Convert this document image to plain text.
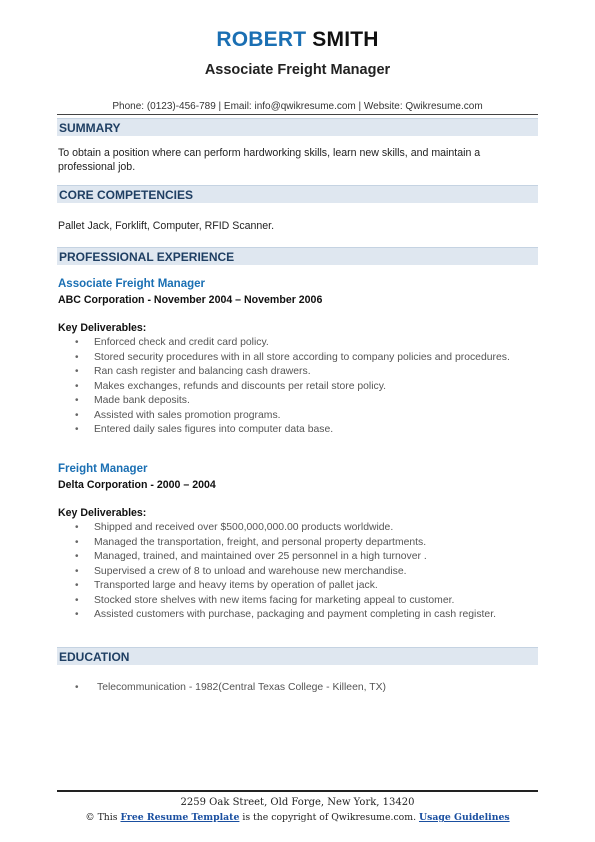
ROBERT SMITH
Associate Freight Manager
Phone: (0123)-456-789 | Email: info@qwikresume.com | Website: Qwikresume.com
SUMMARY
To obtain a position where can perform hardworking skills, learn new skills, and maintain a professional job.
CORE COMPETENCIES
Pallet Jack, Forklift, Computer, RFID Scanner.
PROFESSIONAL EXPERIENCE
Associate Freight Manager
ABC Corporation - November 2004 – November 2006
Key Deliverables:
• Enforced check and credit card policy.
• Stored security procedures with in all store according to company policies and procedures.
• Ran cash register and balancing cash drawers.
• Makes exchanges, refunds and discounts per retail store policy.
• Made bank deposits.
• Assisted with sales promotion programs.
• Entered daily sales figures into computer data base.
Freight Manager
Delta Corporation - 2000 – 2004
Key Deliverables:
• Shipped and received over $500,000,000.00 products worldwide.
• Managed the transportation, freight, and personal property departments.
• Managed, trained, and maintained over 25 personnel in a high turnover .
• Supervised a crew of 8 to unload and warehouse new merchandise.
• Transported large and heavy items by operation of pallet jack.
• Stocked store shelves with new items facing for marketing appeal to customer.
• Assisted customers with purchase, packaging and payment completing in cash register.
EDUCATION
• Telecommunication - 1982(Central Texas College - Killeen, TX)
2259 Oak Street, Old Forge, New York, 13420
© This Free Resume Template is the copyright of Qwikresume.com. Usage Guidelines
